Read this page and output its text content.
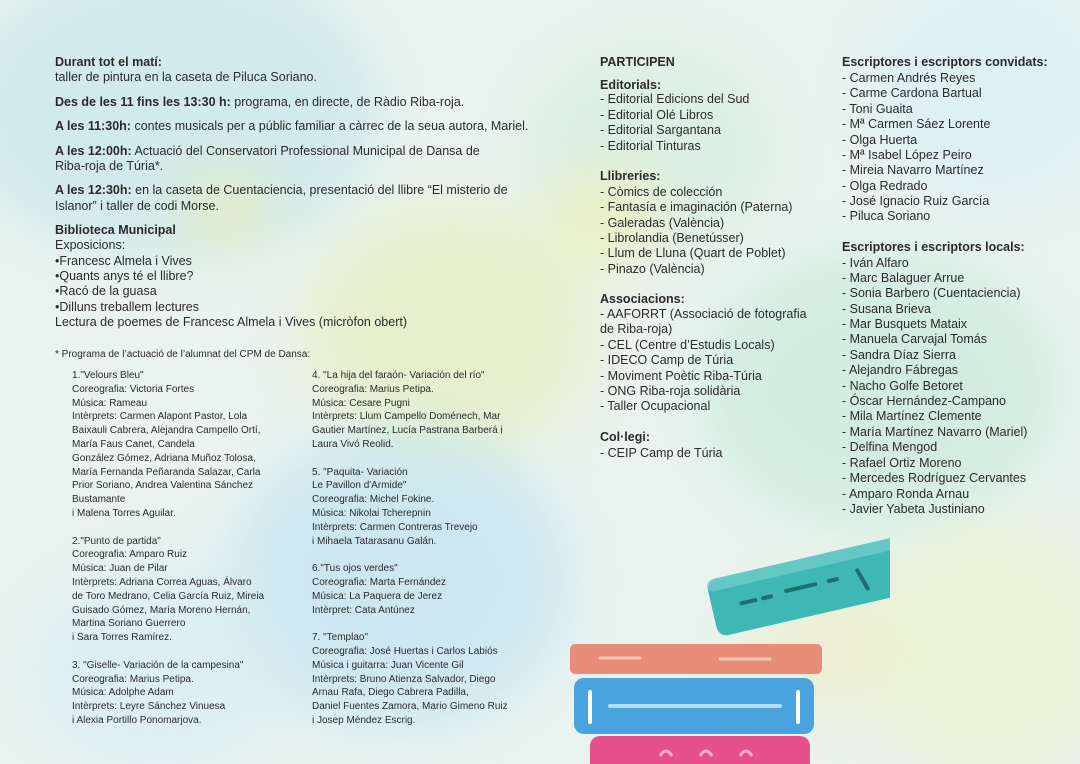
Durant tot el matí:
taller de pintura en la caseta de Piluca Soriano.
Des de les 11 fins les 13:30 h: programa, en directe, de Ràdio Riba-roja.
A les 11:30h: contes musicals per a públic familiar a càrrec de la seua autora, Mariel.
A les 12:00h: Actuació del Conservatori Professional Municipal de Dansa de
Riba-roja de Túria*.
A les 12:30h: en la caseta de Cuentaciencia, presentació del llibre “El misterio de
Islanor” i taller de codi Morse.
Biblioteca Municipal
Exposicions:
•Francesc Almela i Vives
•Quants anys té el llibre?
•Racó de la guasa
•Dilluns treballem lectures
Lectura de poemes de Francesc Almela i Vives (micròfon obert)
* Programa de l’actuació de l’alumnat del CPM de Dansa:
1."Velours Bleu"
Coreografia: Victoria Fortes
Música: Rameau
Intèrprets: Carmen Alapont Pastor, Lola
Baixauli Cabrera, Alejandra Campello Ortí,
María Faus Canet, Candela
González Gómez, Adriana Muñoz Tolosa,
María Fernanda Peñaranda Salazar, Carla
Prior Soriano, Andrea Valentina Sánchez
Bustamante
i Malena Torres Aguilar.
2."Punto de partida"
Coreografia: Amparo Ruiz
Música: Juan de Pilar
Intèrprets: Adriana Correa Aguas, Álvaro
de Toro Medrano, Celia García Ruiz, Mireia
Guisado Gómez, María Moreno Hernán,
Martina Soriano Guerrero
i Sara Torres Ramírez.
3. "Giselle- Variación de la campesina"
Coreografia: Marius Petipa.
Música: Adolphe Adam
Intèrprets: Leyre Sánchez Vinuesa
i Alexia Portillo Ponomarjova.
4. "La hija del faraón- Variación del río"
Coreografia: Marius Petipa.
Música: Cesare Pugni
Intèrprets: Llum Campello Doménech, Mar
Gautier Martínez, Lucía Pastrana Barberá i
Laura Vivó Reolid.
5. "Paquita- Variación
Le Pavillon d'Armide"
Coreografia: Michel Fokine.
Música: Nikolai Tcherepnin
Intèrprets: Carmen Contreras Trevejo
i Mihaela Tatarasanu Galán.
6."Tus ojos verdes"
Coreografia: Marta Fernández
Música: La Paquera de Jerez
Intèrpret: Cata Antúnez
7. "Templao"
Coreografia: José Huertas i Carlos Labiós
Música i guitarra: Juan Vicente Gil
Intèrprets: Bruno Atienza Salvador, Diego
Arnau Rafa, Diego Cabrera Padilla,
Daniel Fuentes Zamora, Mario Gimeno Ruiz
i Josep Méndez Escrig.
PARTICIPEN
Editorials:
- Editorial Edicions del Sud
- Editorial Olé Libros
- Editorial Sargantana
- Editorial Tinturas
Llibreries:
- Còmics de colección
- Fantasía e imaginación (Paterna)
- Galeradas (València)
- Librolandia (Benetússer)
- Llum de Lluna (Quart de Poblet)
- Pinazo (València)
Associacions:
- AAFORRT (Associació de fotografia
de Riba-roja)
- CEL (Centre d’Estudis Locals)
- IDECO Camp de Túria
- Moviment Poètic Riba-Túria
- ONG Riba-roja solidària
- Taller Ocupacional
Col·legi:
- CEIP Camp de Túria
Escriptores i escriptors convidats:
- Carmen Andrés Reyes
- Carme Cardona Bartual
- Toni Guaita
- Mª Carmen Sáez Lorente
- Olga Huerta
- Mª Isabel López Peiro
- Mireia Navarro Martínez
- Olga Redrado
- José Ignacio Ruiz García
- Piluca Soriano
Escriptores i escriptors locals:
- Iván Alfaro
- Marc Balaguer Arrue
- Sonia Barbero (Cuentaciencia)
- Susana Brieva
- Mar Busquets Mataix
- Manuela Carvajal Tomás
- Sandra Díaz Sierra
- Alejandro Fábregas
- Nacho Golfe Betoret
- Óscar Hernández-Campano
- Mila Martínez Clemente
- María Martínez Navarro (Mariel)
- Delfina Mengod
- Rafael Ortiz Moreno
- Mercedes Rodríguez Cervantes
- Amparo Ronda Arnau
- Javier Yabeta Justiniano
